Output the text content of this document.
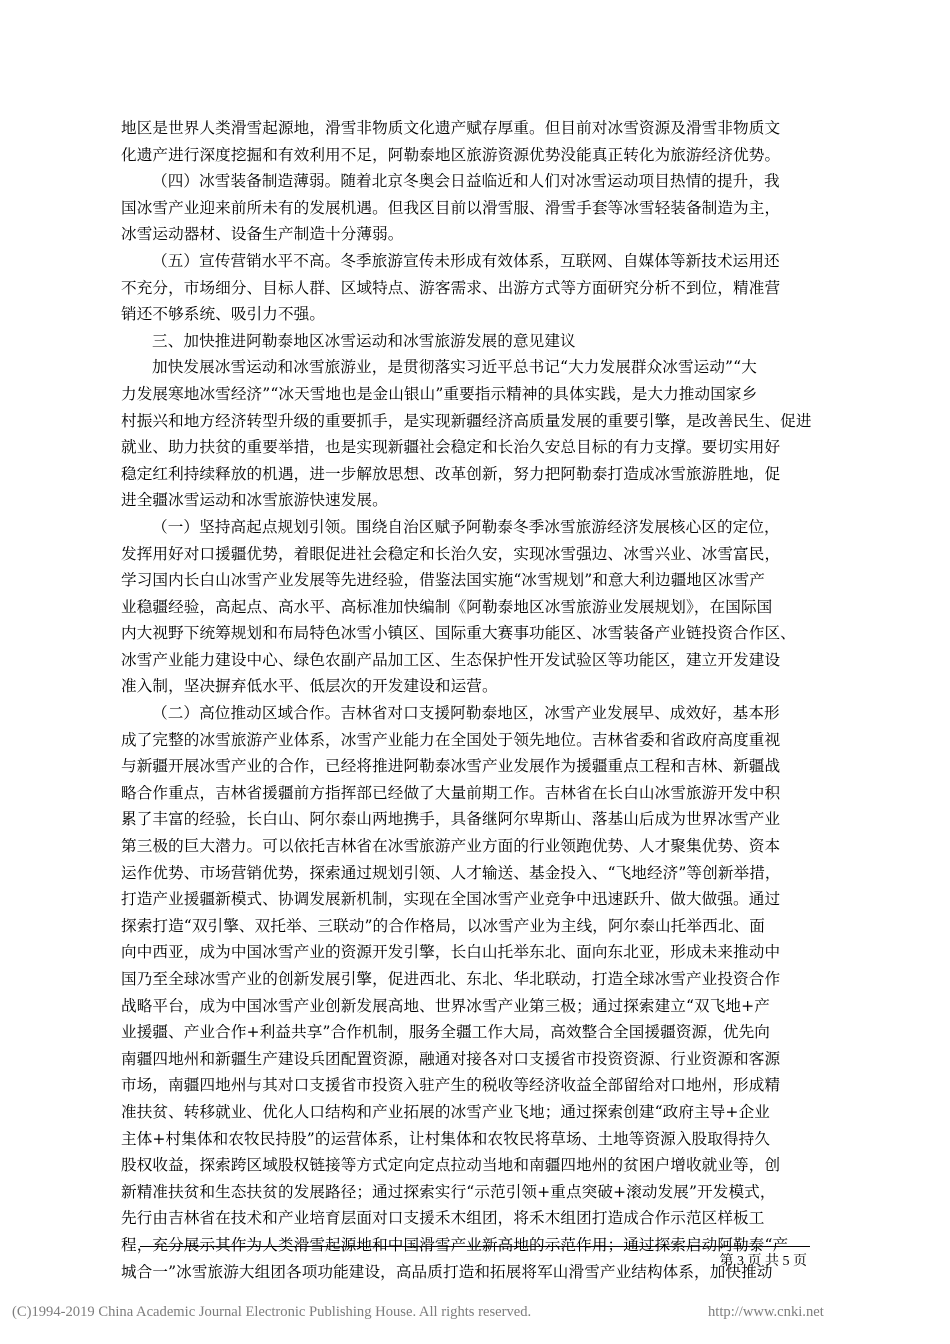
地区是世界人类滑雪起源地，滑雪非物质文化遗产赋存厚重。但目前对冰雪资源及滑雪非物质文
化遗产进行深度挖掘和有效利用不足，阿勒泰地区旅游资源优势没能真正转化为旅游经济优势。
（四）冰雪装备制造薄弱。随着北京冬奥会日益临近和人们对冰雪运动项目热情的提升，我
国冰雪产业迎来前所未有的发展机遇。但我区目前以滑雪服、滑雪手套等冰雪轻装备制造为主，
冰雪运动器材、设备生产制造十分薄弱。
（五）宣传营销水平不高。冬季旅游宣传未形成有效体系，互联网、自媒体等新技术运用还
不充分，市场细分、目标人群、区域特点、游客需求、出游方式等方面研究分析不到位，精准营
销还不够系统、吸引力不强。
三、加快推进阿勒泰地区冰雪运动和冰雪旅游发展的意见建议
加快发展冰雪运动和冰雪旅游业，是贯彻落实习近平总书记“大力发展群众冰雪运动”“大
力发展寒地冰雪经济”“冰天雪地也是金山银山”重要指示精神的具体实践，是大力推动国家乡
村振兴和地方经济转型升级的重要抓手，是实现新疆经济高质量发展的重要引擎，是改善民生、促进
就业、助力扶贫的重要举措，也是实现新疆社会稳定和长治久安总目标的有力支撑。要切实用好
稳定红利持续释放的机遇，进一步解放思想、改革创新，努力把阿勒泰打造成冰雪旅游胜地，促
进全疆冰雪运动和冰雪旅游快速发展。
（一）坚持高起点规划引领。围绕自治区赋予阿勒泰冬季冰雪旅游经济发展核心区的定位，
发挥用好对口援疆优势，着眼促进社会稳定和长治久安，实现冰雪强边、冰雪兴业、冰雪富民，
学习国内长白山冰雪产业发展等先进经验，借鉴法国实施“冰雪规划”和意大利边疆地区冰雪产
业稳疆经验，高起点、高水平、高标准加快编制《阿勒泰地区冰雪旅游业发展规划》，在国际国
内大视野下统筹规划和布局特色冰雪小镇区、国际重大赛事功能区、冰雪装备产业链投资合作区、
冰雪产业能力建设中心、绿色农副产品加工区、生态保护性开发试验区等功能区，建立开发建设
准入制，坚决摒弃低水平、低层次的开发建设和运营。
（二）高位推动区域合作。吉林省对口支援阿勒泰地区，冰雪产业发展早、成效好，基本形
成了完整的冰雪旅游产业体系，冰雪产业能力在全国处于领先地位。吉林省委和省政府高度重视
与新疆开展冰雪产业的合作，已经将推进阿勒泰冰雪产业发展作为援疆重点工程和吉林、新疆战
略合作重点，吉林省援疆前方指挥部已经做了大量前期工作。吉林省在长白山冰雪旅游开发中积
累了丰富的经验，长白山、阿尔泰山两地携手，具备继阿尔卑斯山、落基山后成为世界冰雪产业
第三极的巨大潜力。可以依托吉林省在冰雪旅游产业方面的行业领跑优势、人才聚集优势、资本
运作优势、市场营销优势，探索通过规划引领、人才输送、基金投入、“飞地经济”等创新举措，
打造产业援疆新模式、协调发展新机制，实现在全国冰雪产业竞争中迅速跃升、做大做强。通过
探索打造“双引擎、双托举、三联动”的合作格局，以冰雪产业为主线，阿尔泰山托举西北、面
向中西亚，成为中国冰雪产业的资源开发引擎，长白山托举东北、面向东北亚，形成未来推动中
国乃至全球冰雪产业的创新发展引擎，促进西北、东北、华北联动，打造全球冰雪产业投资合作
战略平台，成为中国冰雪产业创新发展高地、世界冰雪产业第三极；通过探索建立“双飞地+产
业援疆、产业合作+利益共享”合作机制，服务全疆工作大局，高效整合全国援疆资源，优先向
南疆四地州和新疆生产建设兵团配置资源，融通对接各对口支援省市投资资源、行业资源和客源
市场，南疆四地州与其对口支援省市投资入驻产生的税收等经济收益全部留给对口地州，形成精
准扶贫、转移就业、优化人口结构和产业拓展的冰雪产业飞地；通过探索创建“政府主导+企业
主体+村集体和农牧民持股”的运营体系，让村集体和农牧民将草场、土地等资源入股取得持久
股权收益，探索跨区域股权链接等方式定向定点拉动当地和南疆四地州的贫困户增收就业等，创
新精准扶贫和生态扶贫的发展路径；通过探索实行“示范引领+重点突破+滚动发展”开发模式，
先行由吉林省在技术和产业培育层面对口支援禾木组团，将禾木组团打造成合作示范区样板工
程，充分展示其作为人类滑雪起源地和中国滑雪产业新高地的示范作用；通过探索启动阿勒泰“产
城合一”冰雪旅游大组团各项功能建设，高品质打造和拓展将军山滑雪产业结构体系，加快推动
第 3 页 共 5 页
(C)1994-2019 China Academic Journal Electronic Publishing House. All rights reserved.	http://www.cnki.net
